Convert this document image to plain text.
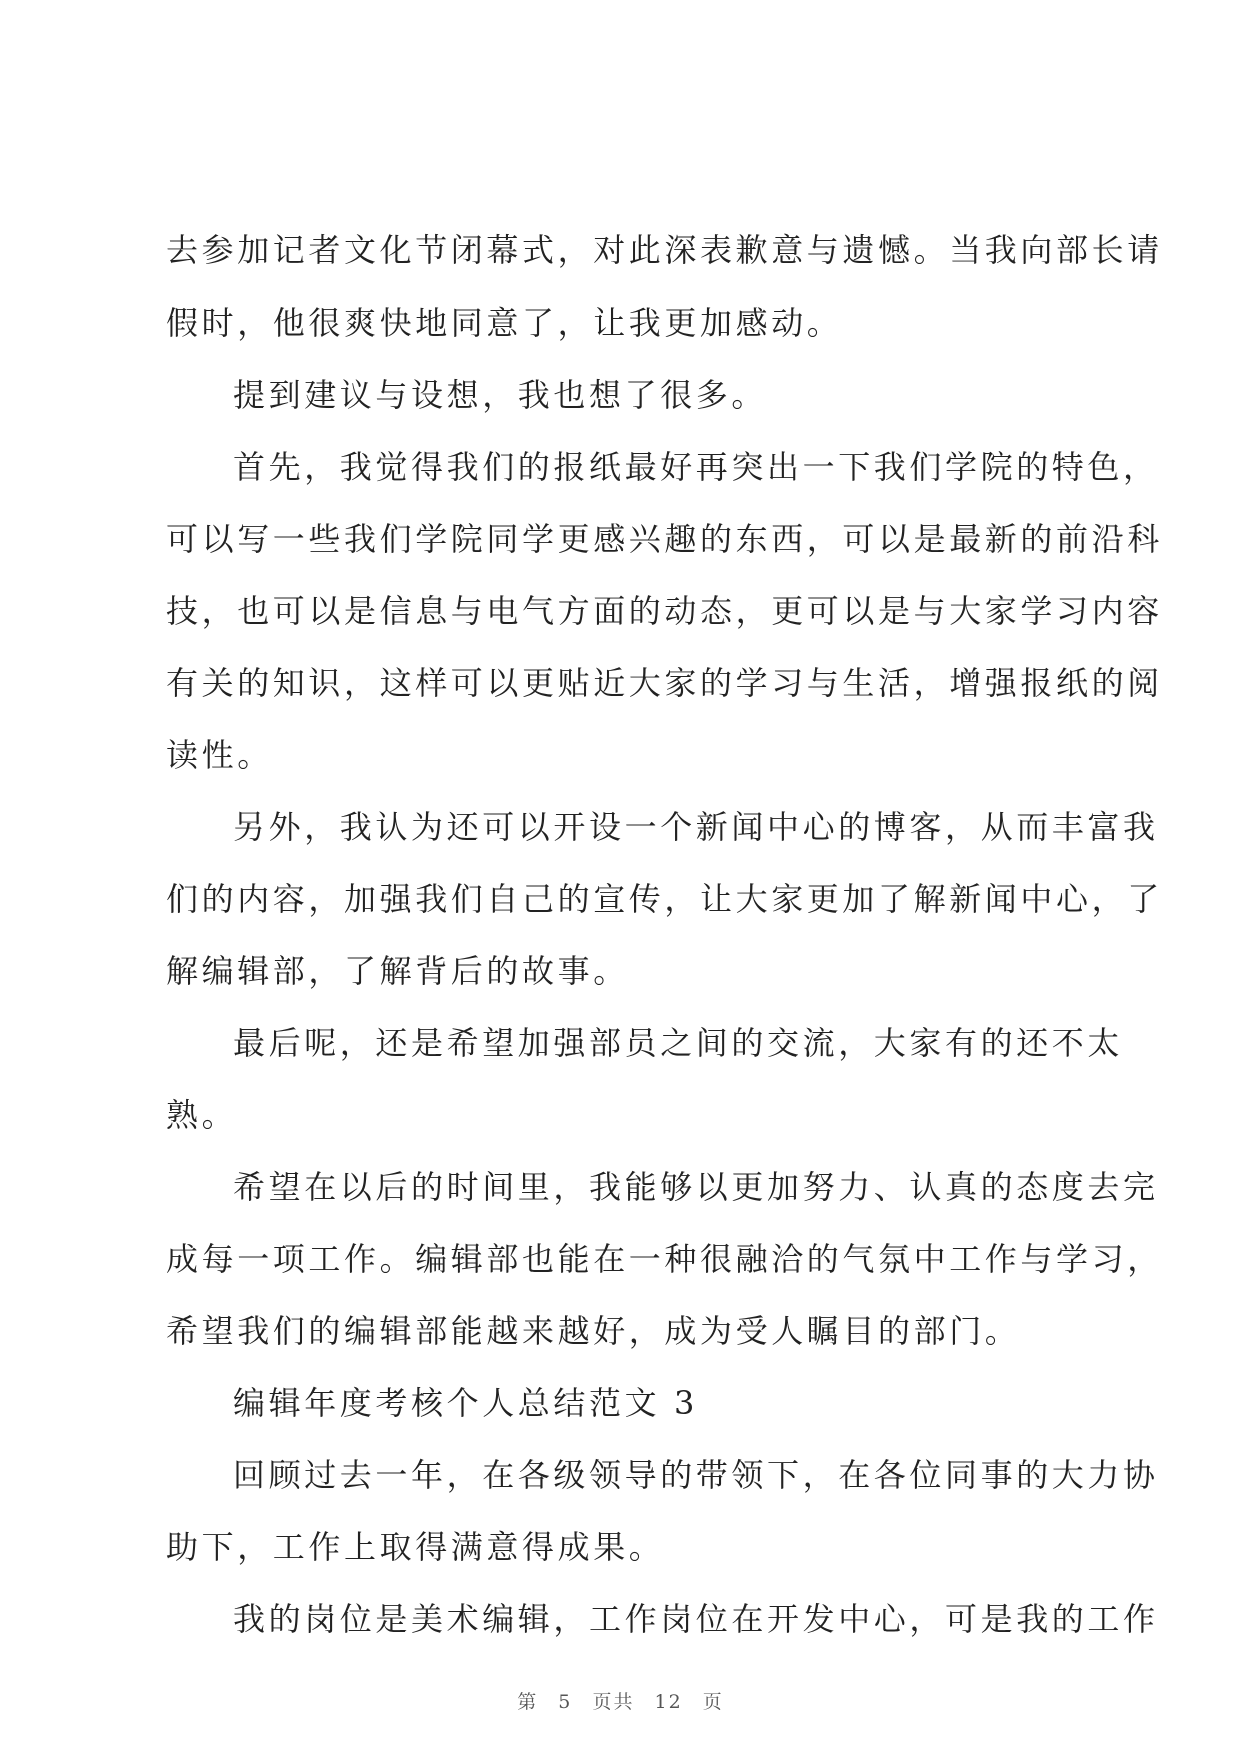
去参加记者文化节闭幕式，对此深表歉意与遗憾。当我向部长请
假时，他很爽快地同意了，让我更加感动。
提到建议与设想，我也想了很多。
首先，我觉得我们的报纸最好再突出一下我们学院的特色，
可以写一些我们学院同学更感兴趣的东西，可以是最新的前沿科
技，也可以是信息与电气方面的动态，更可以是与大家学习内容
有关的知识，这样可以更贴近大家的学习与生活，增强报纸的阅
读性。
另外，我认为还可以开设一个新闻中心的博客，从而丰富我
们的内容，加强我们自己的宣传，让大家更加了解新闻中心，了
解编辑部，了解背后的故事。
最后呢，还是希望加强部员之间的交流，大家有的还不太
熟。
希望在以后的时间里，我能够以更加努力、认真的态度去完
成每一项工作。编辑部也能在一种很融洽的气氛中工作与学习，
希望我们的编辑部能越来越好，成为受人瞩目的部门。
编辑年度考核个人总结范文 3
回顾过去一年，在各级领导的带领下，在各位同事的大力协
助下，工作上取得满意得成果。
我的岗位是美术编辑，工作岗位在开发中心，可是我的工作
第 5 页共 12 页
